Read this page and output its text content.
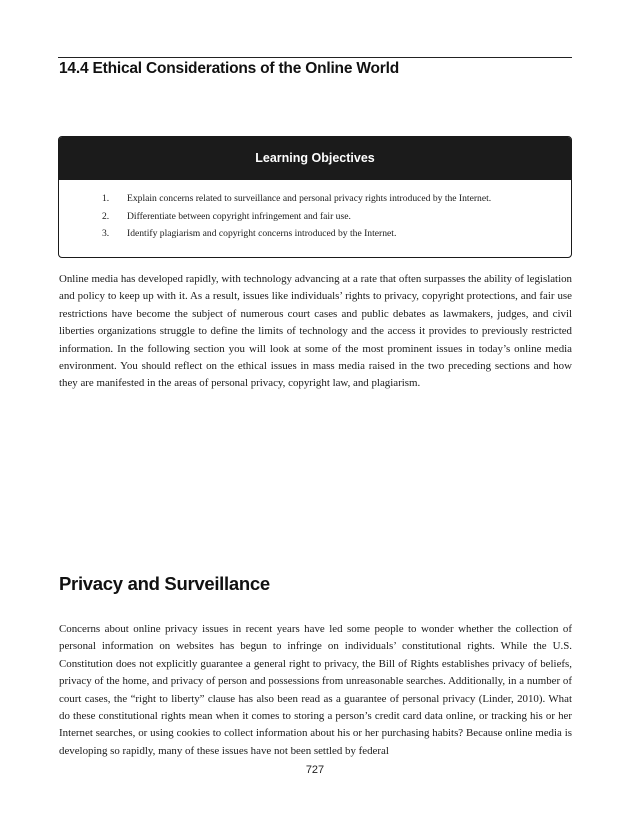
14.4 Ethical Considerations of the Online World
Learning Objectives
1. Explain concerns related to surveillance and personal privacy rights introduced by the Internet.
2. Differentiate between copyright infringement and fair use.
3. Identify plagiarism and copyright concerns introduced by the Internet.

Online media has developed rapidly, with technology advancing at a rate that often surpasses the ability of legislation and policy to keep up with it. As a result, issues like individuals’ rights to privacy, copyright protections, and fair use restrictions have become the subject of numerous court cases and public debates as lawmakers, judges, and civil liberties organizations struggle to define the limits of technology and the access it provides to previously restricted information. In the following section you will look at some of the most prominent issues in today’s online media environment. You should reflect on the ethical issues in mass media raised in the two preceding sections and how they are manifested in the areas of personal privacy, copyright law, and plagiarism.

Privacy and Surveillance

Concerns about online privacy issues in recent years have led some people to wonder whether the collection of personal information on websites has begun to infringe on individuals’ constitutional rights. While the U.S. Constitution does not explicitly guarantee a general right to privacy, the Bill of Rights establishes privacy of beliefs, privacy of the home, and privacy of person and possessions from unreasonable searches. Additionally, in a number of court cases, the “right to liberty” clause has also been read as a guarantee of personal privacy (Linder, 2010). What do these constitutional rights mean when it comes to storing a person’s credit card data online, or tracking his or her Internet searches, or using cookies to collect information about his or her purchasing habits? Because online media is developing so rapidly, many of these issues have not been settled by federal

727
